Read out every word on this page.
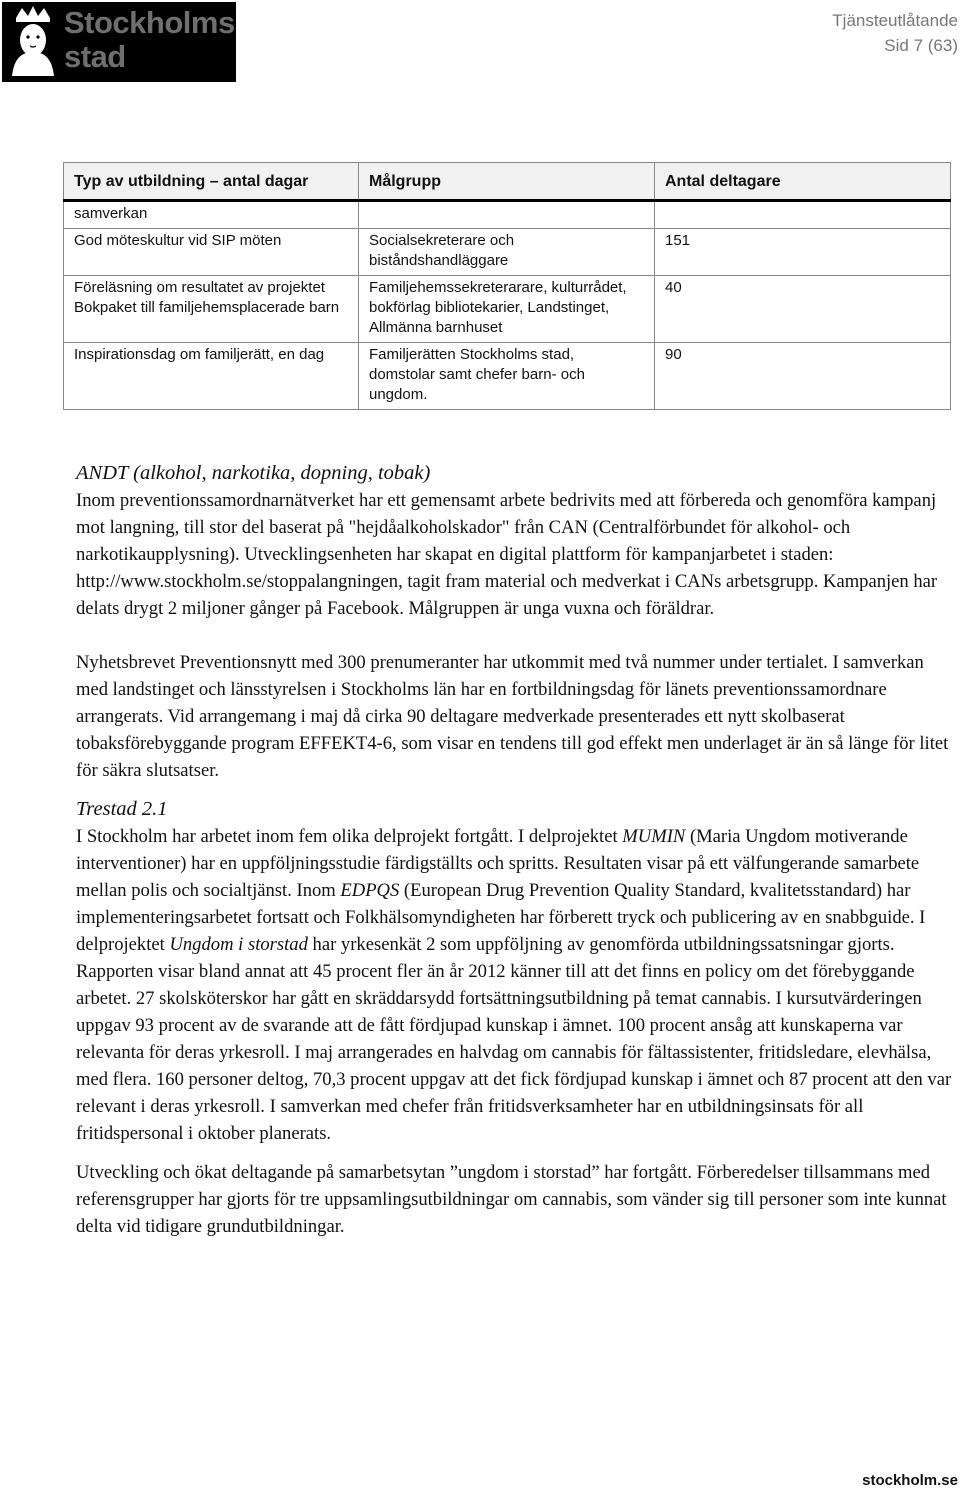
Stockholms
stad
Tjänsteutlåtande
Sid 7 (63)
Typ av utbildning – antal dagar	Målgrupp	Antal deltagare
samverkan		
God möteskultur vid SIP möten	Socialsekreterare och biståndshandläggare	151
Föreläsning om resultatet av projektet Bokpaket till familjehemsplacerade barn	Familjehemssekreterarare, kulturrådet, bokförlag bibliotekarier, Landstinget, Allmänna barnhuset	40
Inspirationsdag om familjerätt, en dag	Familjerätten Stockholms stad, domstolar samt chefer barn- och ungdom.	90

ANDT (alkohol, narkotika, dopning, tobak)

Inom preventionssamordnarnätverket har ett gemensamt arbete bedrivits med att förbereda och genomföra kampanj mot langning, till stor del baserat på "hejdåalkoholskador" från CAN (Centralförbundet för alkohol- och narkotikaupplysning). Utvecklingsenheten har skapat en digital plattform för kampanjarbetet i staden: http://www.stockholm.se/stoppalangningen, tagit fram material och medverkat i CANs arbetsgrupp. Kampanjen har delats drygt 2 miljoner gånger på Facebook. Målgruppen är unga vuxna och föräldrar.

Nyhetsbrevet Preventionsnytt med 300 prenumeranter har utkommit med två nummer under tertialet. I samverkan med landstinget och länsstyrelsen i Stockholms län har en fortbildningsdag för länets preventionssamordnare arrangerats. Vid arrangemang i maj då cirka 90 deltagare medverkade presenterades ett nytt skolbaserat tobaksförebyggande program EFFEKT4-6, som visar en tendens till god effekt men underlaget är än så länge för litet för säkra slutsatser.

Trestad 2.1

I Stockholm har arbetet inom fem olika delprojekt fortgått. I delprojektet MUMIN (Maria Ungdom motiverande interventioner) har en uppföljningsstudie färdigställts och spritts. Resultaten visar på ett välfungerande samarbete mellan polis och socialtjänst. Inom EDPQS (European Drug Prevention Quality Standard, kvalitetsstandard) har implementeringsarbetet fortsatt och Folkhälsomyndigheten har förberett tryck och publicering av en snabbguide. I delprojektet Ungdom i storstad har yrkesenkät 2 som uppföljning av genomförda utbildningssatsningar gjorts. Rapporten visar bland annat att 45 procent fler än år 2012 känner till att det finns en policy om det förebyggande arbetet. 27 skolsköterskor har gått en skräddarsydd fortsättningsutbildning på temat cannabis. I kursutvärderingen uppgav 93 procent av de svarande att de fått fördjupad kunskap i ämnet. 100 procent ansåg att kunskaperna var relevanta för deras yrkesroll. I maj arrangerades en halvdag om cannabis för fältassistenter, fritidsledare, elevhälsa, med flera. 160 personer deltog, 70,3 procent uppgav att det fick fördjupad kunskap i ämnet och 87 procent att den var relevant i deras yrkesroll. I samverkan med chefer från fritidsverksamheter har en utbildningsinsats för all fritidspersonal i oktober planerats.

Utveckling och ökat deltagande på samarbetsytan ”ungdom i storstad” har fortgått. Förberedelser tillsammans med referensgrupper har gjorts för tre uppsamlingsutbildningar om cannabis, som vänder sig till personer som inte kunnat delta vid tidigare grundutbildningar.

stockholm.se
